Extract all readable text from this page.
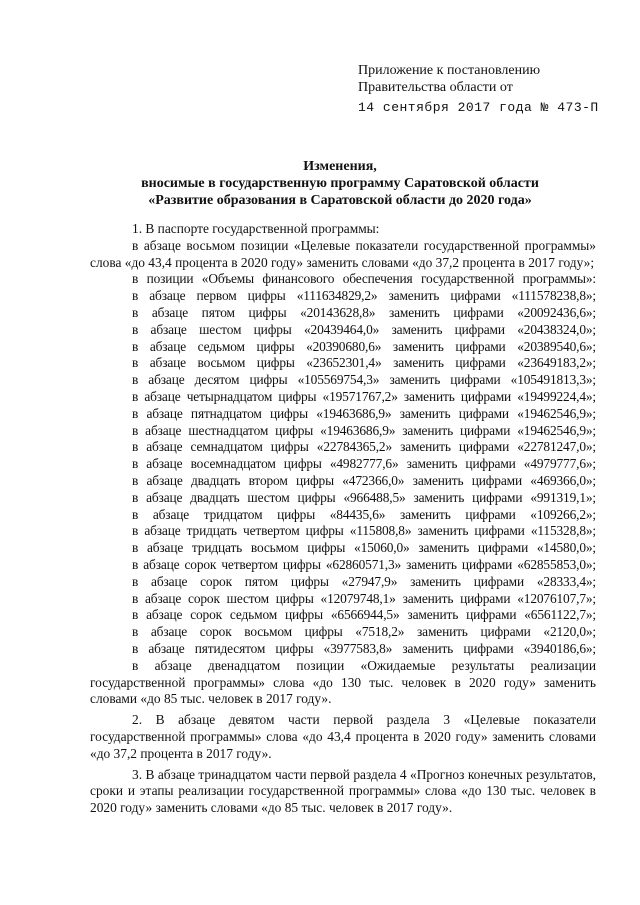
Приложение к постановлению
Правительства области от
14 сентября 2017 года № 473-П
Изменения,
вносимые в государственную программу Саратовской области
«Развитие образования в Саратовской области до 2020 года»

1. В паспорте государственной программы:

в абзаце восьмом позиции «Целевые показатели государственной программы» слова «до 43,4 процента в 2020 году» заменить словами «до 37,2 процента в 2017 году»;

в позиции «Объемы финансового обеспечения государственной программы»:

в абзаце первом цифры «111634829,2» заменить цифрами «111578238,8»;

в абзаце пятом цифры «20143628,8» заменить цифрами «20092436,6»;

в абзаце шестом цифры «20439464,0» заменить цифрами «20438324,0»;

в абзаце седьмом цифры «20390680,6» заменить цифрами «20389540,6»;

в абзаце восьмом цифры «23652301,4» заменить цифрами «23649183,2»;

в абзаце десятом цифры «105569754,3» заменить цифрами «105491813,3»;

в абзаце четырнадцатом цифры «19571767,2» заменить цифрами «19499224,4»;

в абзаце пятнадцатом цифры «19463686,9» заменить цифрами «19462546,9»;

в абзаце шестнадцатом цифры «19463686,9» заменить цифрами «19462546,9»;

в абзаце семнадцатом цифры «22784365,2» заменить цифрами «22781247,0»;

в абзаце восемнадцатом цифры «4982777,6» заменить цифрами «4979777,6»;

в абзаце двадцать втором цифры «472366,0» заменить цифрами «469366,0»;

в абзаце двадцать шестом цифры «966488,5» заменить цифрами «991319,1»;

в абзаце тридцатом цифры «84435,6» заменить цифрами «109266,2»;

в абзаце тридцать четвертом цифры «115808,8» заменить цифрами «115328,8»;

в абзаце тридцать восьмом цифры «15060,0» заменить цифрами «14580,0»;

в абзаце сорок четвертом цифры «62860571,3» заменить цифрами «62855853,0»;

в абзаце сорок пятом цифры «27947,9» заменить цифрами «28333,4»;

в абзаце сорок шестом цифры «12079748,1» заменить цифрами «12076107,7»;

в абзаце сорок седьмом цифры «6566944,5» заменить цифрами «6561122,7»;

в абзаце сорок восьмом цифры «7518,2» заменить цифрами «2120,0»;

в абзаце пятидесятом цифры «3977583,8» заменить цифрами «3940186,6»;

в абзаце двенадцатом позиции «Ожидаемые результаты реализации государственной программы» слова «до 130 тыс. человек в 2020 году» заменить словами «до 85 тыс. человек в 2017 году».

2. В абзаце девятом части первой раздела 3 «Целевые показатели государственной программы» слова «до 43,4 процента в 2020 году» заменить словами «до 37,2 процента в 2017 году».

3. В абзаце тринадцатом части первой раздела 4 «Прогноз конечных результатов, сроки и этапы реализации государственной программы» слова «до 130 тыс. человек в 2020 году» заменить словами «до 85 тыс. человек в 2017 году».
